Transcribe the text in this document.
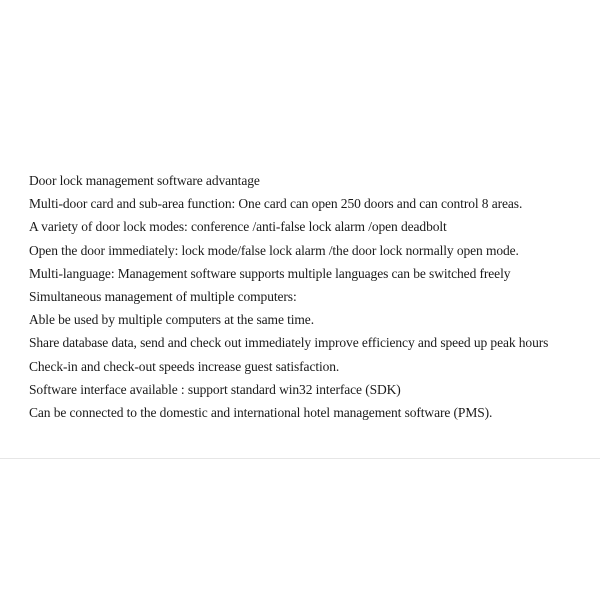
Door lock management software advantage
Multi-door card and sub-area function: One card can open 250 doors and can control 8 areas.
A variety of door lock modes: conference /anti-false lock alarm /open deadbolt
Open the door immediately: lock mode/false lock alarm /the door lock normally open mode.
Multi-language: Management software supports multiple languages can be switched freely
Simultaneous management of multiple computers:
Able be used by multiple computers at the same time.
Share database data, send and check out immediately improve efficiency and speed up peak hours
Check-in and check-out speeds increase guest satisfaction.
Software interface available : support standard win32 interface (SDK)
Can be connected to the domestic and international hotel management software (PMS).
